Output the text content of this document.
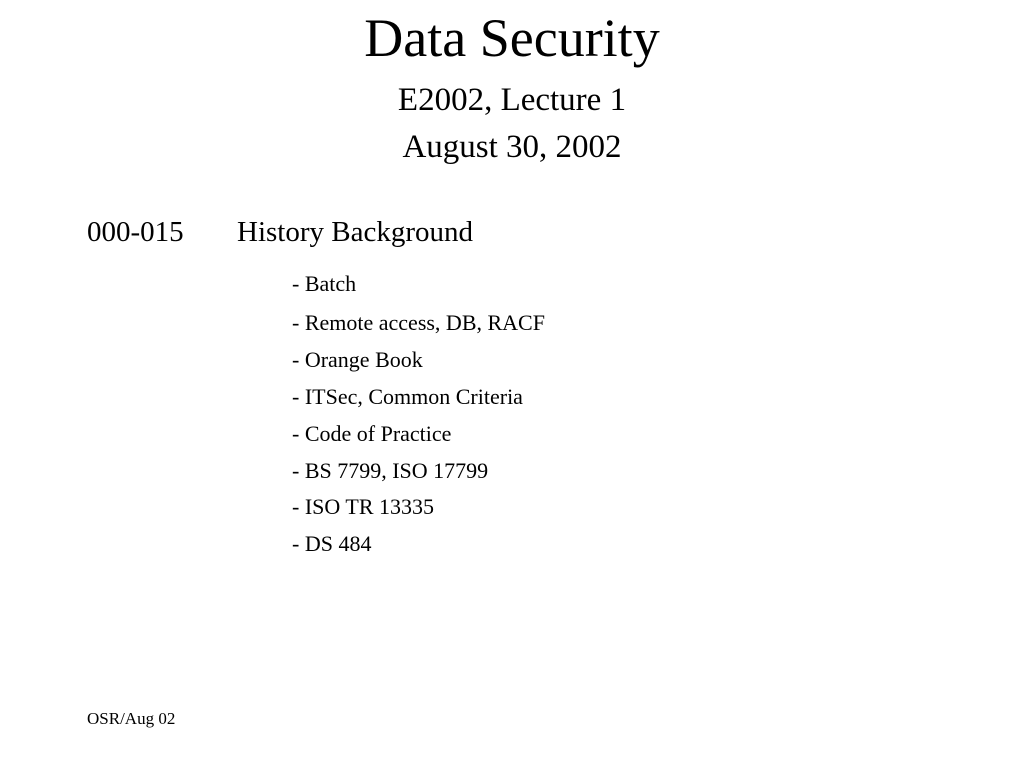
Data Security
E2002, Lecture 1
August 30, 2002
000-015 History Background
- Batch
- Remote access, DB, RACF
- Orange Book
- ITSec, Common Criteria
- Code of Practice
- BS 7799, ISO 17799
- ISO TR 13335
- DS 484
OSR/Aug 02
